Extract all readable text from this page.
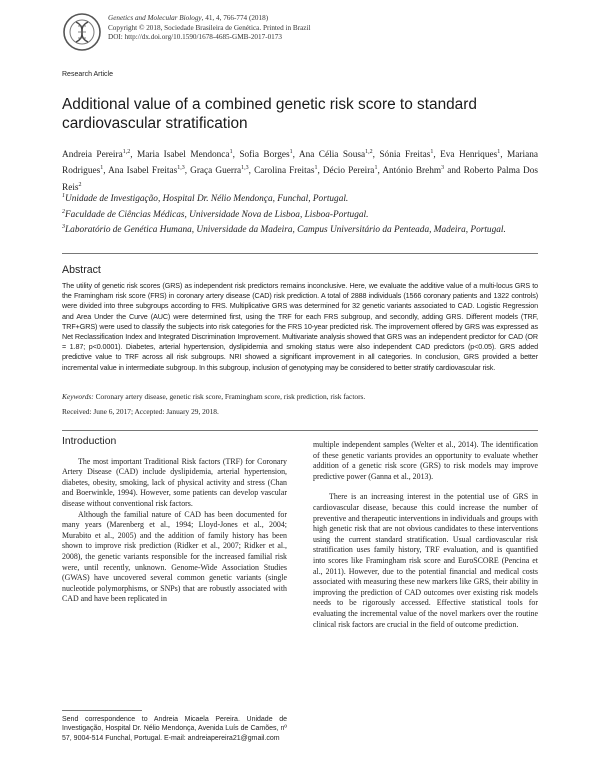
Genetics and Molecular Biology, 41, 4, 766-774 (2018)
Copyright © 2018, Sociedade Brasileira de Genética. Printed in Brazil
DOI: http://dx.doi.org/10.1590/1678-4685-GMB-2017-0173
Research Article
Additional value of a combined genetic risk score to standard cardiovascular stratification
Andreia Pereira$^{1,2}$, Maria Isabel Mendonca$^1$, Sofia Borges$^1$, Ana Célia Sousa$^{1,2}$, Sónia Freitas$^1$, Eva Henriques$^1$, Mariana Rodrigues$^1$, Ana Isabel Freitas$^{1,3}$, Graça Guerra$^{1,3}$, Carolina Freitas$^1$, Décio Pereira$^1$, António Brehm$^3$ and Roberto Palma Dos Reis$^2$
$^1$Unidade de Investigação, Hospital Dr. Nélio Mendonça, Funchal, Portugal.
$^2$Faculdade de Ciências Médicas, Universidade Nova de Lisboa, Lisboa-Portugal.
$^3$Laboratório de Genética Humana, Universidade da Madeira, Campus Universitário da Penteada, Madeira, Portugal.
Abstract
The utility of genetic risk scores (GRS) as independent risk predictors remains inconclusive. Here, we evaluate the additive value of a multi-locus GRS to the Framingham risk score (FRS) in coronary artery disease (CAD) risk prediction. A total of 2888 individuals (1566 coronary patients and 1322 controls) were divided into three subgroups according to FRS. Multiplicative GRS was determined for 32 genetic variants associated to CAD. Logistic Regression and Area Under the Curve (AUC) were determined first, using the TRF for each FRS subgroup, and secondly, adding GRS. Different models (TRF, TRF+GRS) were used to classify the subjects into risk categories for the FRS 10-year predicted risk. The improvement offered by GRS was expressed as Net Reclassification Index and Integrated Discrimination Improvement. Multivariate analysis showed that GRS was an independent predictor for CAD (OR = 1.87; p<0.0001). Diabetes, arterial hypertension, dyslipidemia and smoking status were also independent CAD predictors (p<0.05). GRS added predictive value to TRF across all risk subgroups. NRI showed a significant improvement in all categories. In conclusion, GRS provided a better incremental value in intermediate subgroup. In this subgroup, inclusion of genotyping may be considered to better stratify cardiovascular risk.
Keywords: Coronary artery disease, genetic risk score, Framingham score, risk prediction, risk factors.
Received: June 6, 2017; Accepted: January 29, 2018.
Introduction

The most important Traditional Risk factors (TRF) for Coronary Artery Disease (CAD) include dyslipidemia, arterial hypertension, diabetes, obesity, smoking, lack of physical activity and stress (Chan and Boerwinkle, 1994). However, some patients can develop vascular disease without conventional risk factors.

Although the familial nature of CAD has been documented for many years (Marenberg et al., 1994; Lloyd-Jones et al., 2004; Murabito et al., 2005) and the addition of family history has been shown to improve risk prediction (Ridker et al., 2007; Ridker et al., 2008), the genetic variants responsible for the increased familial risk were, until recently, unknown. Genome-Wide Association Studies (GWAS) have uncovered several common genetic variants (single nucleotide polymorphisms, or SNPs) that are robustly associated with CAD and have been replicated in

multiple independent samples (Welter et al., 2014). The identification of these genetic variants provides an opportunity to evaluate whether addition of a genetic risk score (GRS) to risk models may improve predictive power (Ganna et al., 2013).

There is an increasing interest in the potential use of GRS in cardiovascular disease, because this could increase the number of preventive and therapeutic interventions in individuals and groups with high genetic risk that are not obvious candidates to these interventions using the current standard stratification. Usual cardiovascular risk stratification uses family history, TRF evaluation, and is quantified into scores like Framingham risk score and EuroSCORE (Pencina et al., 2011). However, due to the potential financial and medical costs associated with measuring these new markers like GRS, their ability in improving the prediction of CAD outcomes over existing risk models needs to be rigorously accessed. Effective statistical tools for evaluating the incremental value of the novel markers over the routine clinical risk factors are crucial in the field of outcome prediction.

Send correspondence to Andreia Micaela Pereira. Unidade de Investigação, Hospital Dr. Nélio Mendonça, Avenida Luís de Camões, nº 57, 9004-514 Funchal, Portugal. E-mail: andreiapereira21@gmail.com
